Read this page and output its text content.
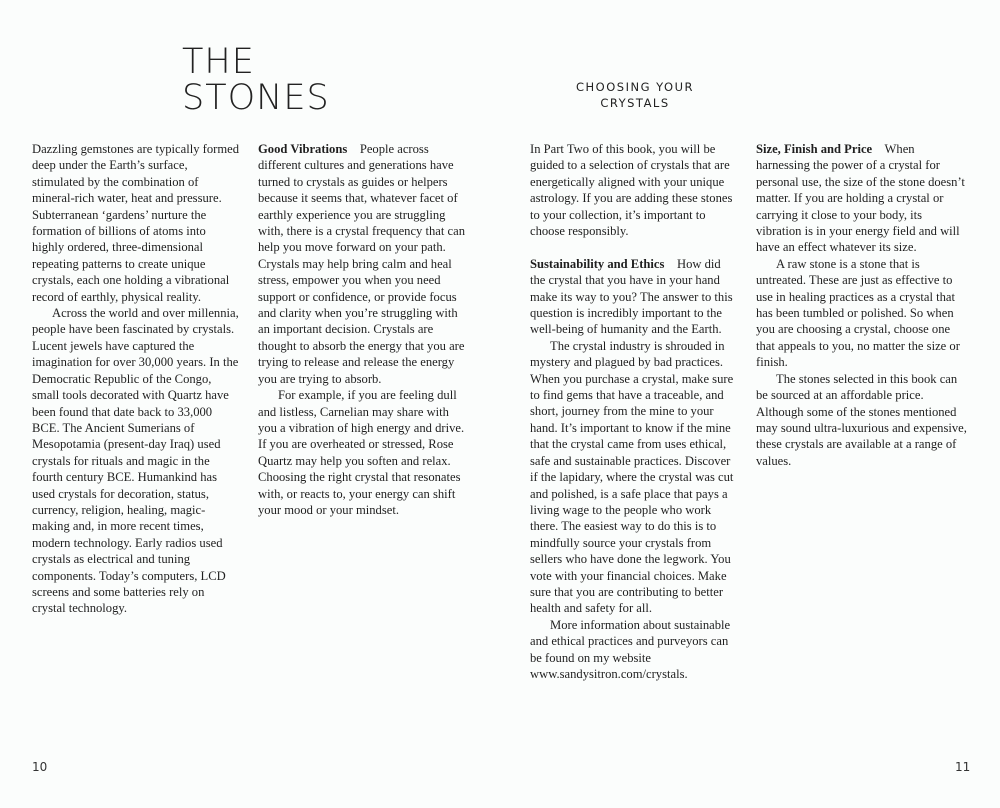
THE
STONES

Dazzling gemstones are typically formed deep under the Earth’s surface, stimulated by the combination of mineral-rich water, heat and pressure. Subterranean ‘gardens’ nurture the formation of billions of atoms into highly ordered, three-dimensional repeating patterns to create unique crystals, each one holding a vibrational record of earthly, physical reality.

Across the world and over millennia, people have been fascinated by crystals. Lucent jewels have captured the imagination for over 30,000 years. In the Democratic Republic of the Congo, small tools decorated with Quartz have been found that date back to 33,000 BCE. The Ancient Sumerians of Mesopotamia (present-day Iraq) used crystals for rituals and magic in the fourth century BCE. Humankind has used crystals for decoration, status, currency, religion, healing, magic-making and, in more recent times, modern technology. Early radios used crystals as electrical and tuning components. Today’s computers, LCD screens and some batteries rely on crystal technology.

Good Vibrations People across different cultures and generations have turned to crystals as guides or helpers because it seems that, whatever facet of earthly experience you are struggling with, there is a crystal frequency that can help you move forward on your path. Crystals may help bring calm and heal stress, empower you when you need support or confidence, or provide focus and clarity when you’re struggling with an important decision. Crystals are thought to absorb the energy that you are trying to release and release the energy you are trying to absorb.

For example, if you are feeling dull and listless, Carnelian may share with you a vibration of high energy and drive. If you are overheated or stressed, Rose Quartz may help you soften and relax. Choosing the right crystal that resonates with, or reacts to, your energy can shift your mood or your mindset.

10
CHOOSING YOUR
CRYSTALS

In Part Two of this book, you will be guided to a selection of crystals that are energetically aligned with your unique astrology. If you are adding these stones to your collection, it’s important to choose responsibly.

Sustainability and Ethics How did the crystal that you have in your hand make its way to you? The answer to this question is incredibly important to the well-being of humanity and the Earth.

The crystal industry is shrouded in mystery and plagued by bad practices. When you purchase a crystal, make sure to find gems that have a traceable, and short, journey from the mine to your hand. It’s important to know if the mine that the crystal came from uses ethical, safe and sustainable practices. Discover if the lapidary, where the crystal was cut and polished, is a safe place that pays a living wage to the people who work there. The easiest way to do this is to mindfully source your crystals from sellers who have done the legwork. You vote with your financial choices. Make sure that you are contributing to better health and safety for all.

More information about sustainable and ethical practices and purveyors can be found on my website www.sandysitron.com/crystals.

Size, Finish and Price When harnessing the power of a crystal for personal use, the size of the stone doesn’t matter. If you are holding a crystal or carrying it close to your body, its vibration is in your energy field and will have an effect whatever its size.

A raw stone is a stone that is untreated. These are just as effective to use in healing practices as a crystal that has been tumbled or polished. So when you are choosing a crystal, choose one that appeals to you, no matter the size or finish.

The stones selected in this book can be sourced at an affordable price. Although some of the stones mentioned may sound ultra-luxurious and expensive, these crystals are available at a range of values.

11
